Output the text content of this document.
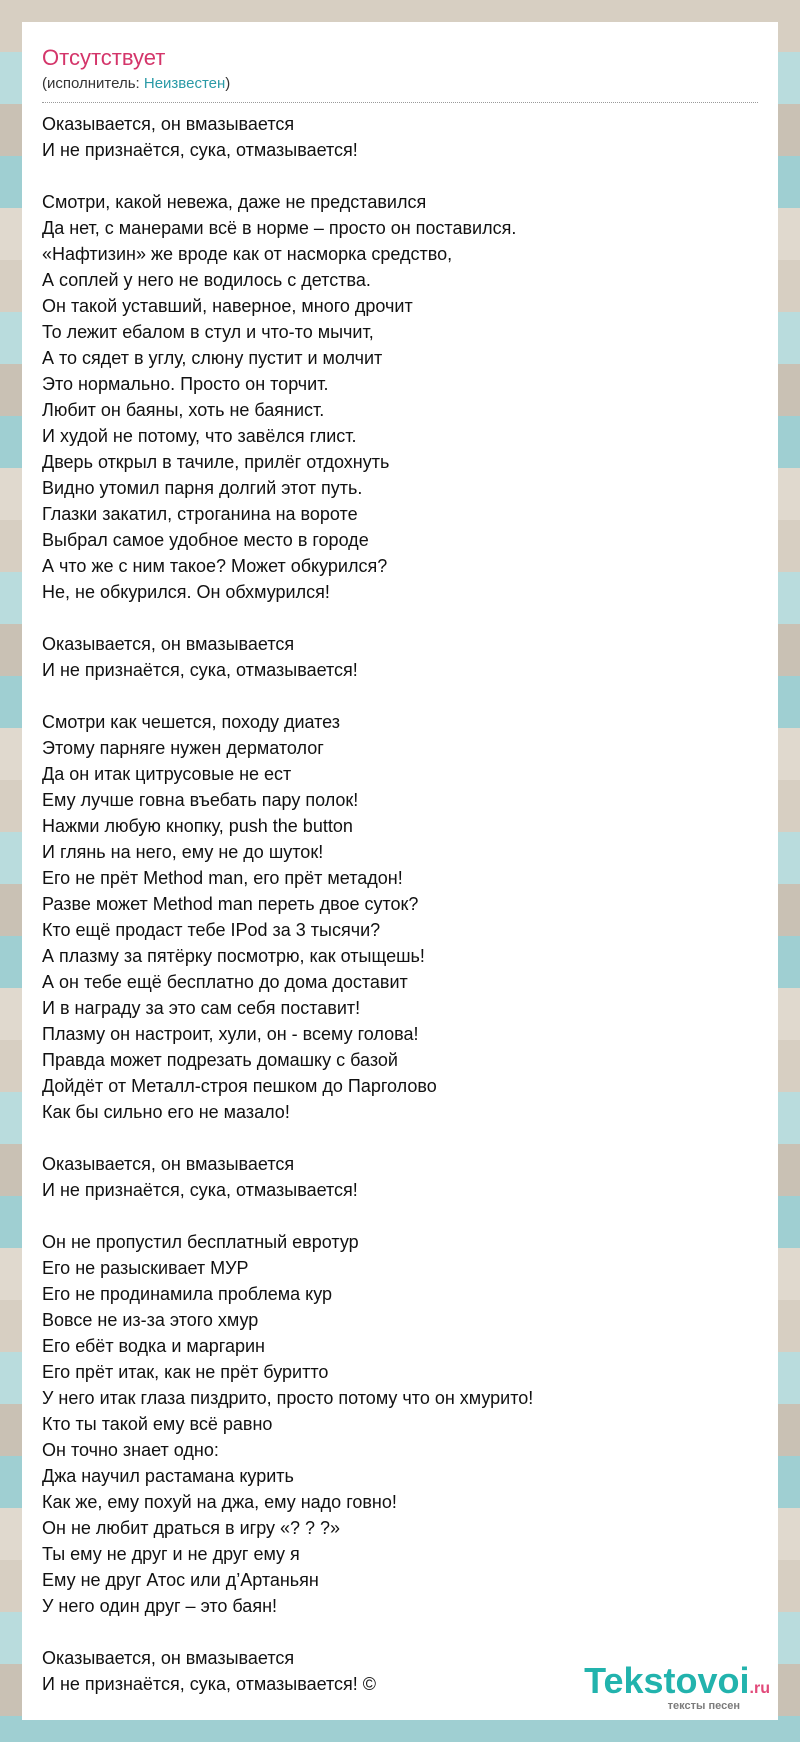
Отсутствует

(исполнитель: Неизвестен)

Оказывается, он вмазывается
И не признаётся, сука, отмазывается!
Смотри, какой невежа, даже не представился
Да нет, с манерами всё в норме – просто он поставился.
«Нафтизин» же вроде как от насморка средство,
А соплей у него не водилось с детства.
Он такой уставший, наверное, много дрочит
То лежит ебалом в стул и что-то мычит,
А то сядет в углу, слюну пустит и молчит
Это нормально. Просто он торчит.
Любит он баяны, хоть не баянист.
И худой не потому, что завёлся глист.
Дверь открыл в тачиле, прилёг отдохнуть
Видно утомил парня долгий этот путь.
Глазки закатил, строганина на вороте
Выбрал самое удобное место в городе
А что же с ним такое? Может обкурился?
Не, не обкурился. Он обхмурился!
Оказывается, он вмазывается
И не признаётся, сука, отмазывается!
Смотри как чешется, походу диатез
Этому парняге нужен дерматолог
Да он итак цитрусовые не ест
Ему лучше говна въебать пару полок!
Нажми любую кнопку, push the button
И глянь на него, ему не до шуток!
Его не прёт Method man, его прёт метадон!
Разве может Method man переть двое суток?
Кто ещё продаст тебе IPod за 3 тысячи?
А плазму за пятёрку посмотрю, как отыщешь!
А он тебе ещё бесплатно до дома доставит
И в награду за это сам себя поставит!
Плазму он настроит, хули, он - всему голова!
Правда может подрезать домашку с базой
Дойдёт от Металл-строя пешком до Парголово
Как бы сильно его не мазало!
Оказывается, он вмазывается
И не признаётся, сука, отмазывается!
Он не пропустил бесплатный евротур
Его не разыскивает МУР
Его не продинамила проблема кур
Вовсе не из-за этого хмур
Его ебёт водка и маргарин
Его прёт итак, как не прёт буритто
У него итак глаза пиздрито, просто потому что он хмурито!
Кто ты такой ему всё равно
Он точно знает одно:
Джа научил растамана курить
Как же, ему похуй на джа, ему надо говно!
Он не любит драться в игру «? ? ?»
Ты ему не друг и не друг ему я
Ему не друг Атос или д’Артаньян
У него один друг – это баян!
Оказывается, он вмазывается
И не признаётся, сука, отмазывается! ©	Tekstovoi.ru
тексты песен
